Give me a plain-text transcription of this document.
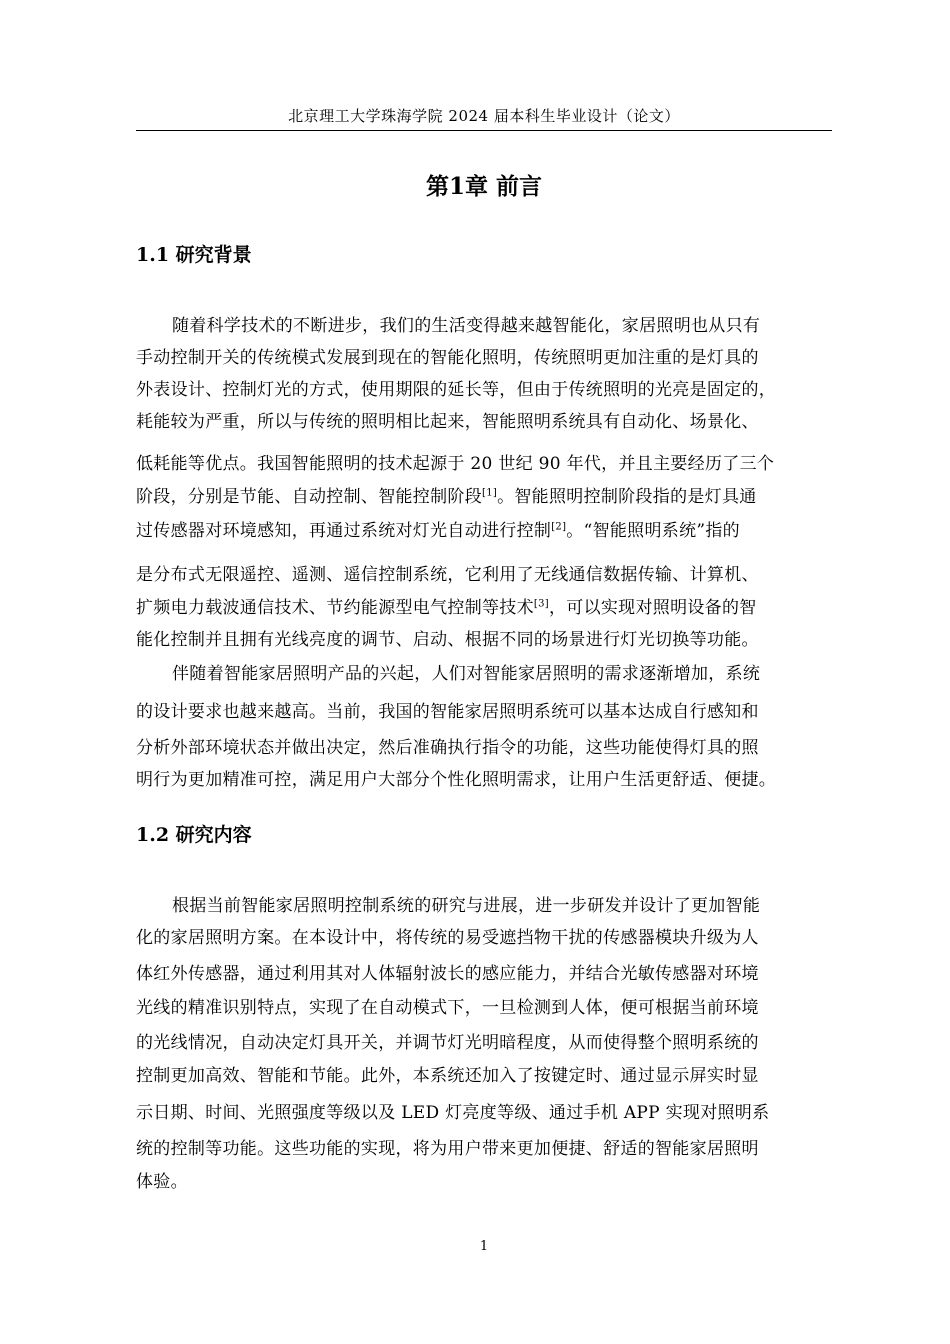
北京理工大学珠海学院 2024 届本科生毕业设计（论文）
第1章 前言
1.1 研究背景
随着科学技术的不断进步，我们的生活变得越来越智能化，家居照明也从只有
手动控制开关的传统模式发展到现在的智能化照明，传统照明更加注重的是灯具的
外表设计、控制灯光的方式，使用期限的延长等，但由于传统照明的光亮是固定的，
耗能较为严重，所以与传统的照明相比起来，智能照明系统具有自动化、场景化、
低耗能等优点。我国智能照明的技术起源于 20 世纪 90 年代，并且主要经历了三个
阶段，分别是节能、自动控制、智能控制阶段[1]。智能照明控制阶段指的是灯具通
过传感器对环境感知，再通过系统对灯光自动进行控制[2]。“智能照明系统”指的
是分布式无限遥控、遥测、遥信控制系统，它利用了无线通信数据传输、计算机、
扩频电力载波通信技术、节约能源型电气控制等技术[3]，可以实现对照明设备的智
能化控制并且拥有光线亮度的调节、启动、根据不同的场景进行灯光切换等功能。
伴随着智能家居照明产品的兴起，人们对智能家居照明的需求逐渐增加，系统
的设计要求也越来越高。当前，我国的智能家居照明系统可以基本达成自行感知和
分析外部环境状态并做出决定，然后准确执行指令的功能，这些功能使得灯具的照
明行为更加精准可控，满足用户大部分个性化照明需求，让用户生活更舒适、便捷。
1.2 研究内容
根据当前智能家居照明控制系统的研究与进展，进一步研发并设计了更加智能
化的家居照明方案。在本设计中，将传统的易受遮挡物干扰的传感器模块升级为人
体红外传感器，通过利用其对人体辐射波长的感应能力，并结合光敏传感器对环境
光线的精准识别特点，实现了在自动模式下，一旦检测到人体，便可根据当前环境
的光线情况，自动决定灯具开关，并调节灯光明暗程度，从而使得整个照明系统的
控制更加高效、智能和节能。此外，本系统还加入了按键定时、通过显示屏实时显
示日期、时间、光照强度等级以及 LED 灯亮度等级、通过手机 APP 实现对照明系
统的控制等功能。这些功能的实现，将为用户带来更加便捷、舒适的智能家居照明
体验。
1
